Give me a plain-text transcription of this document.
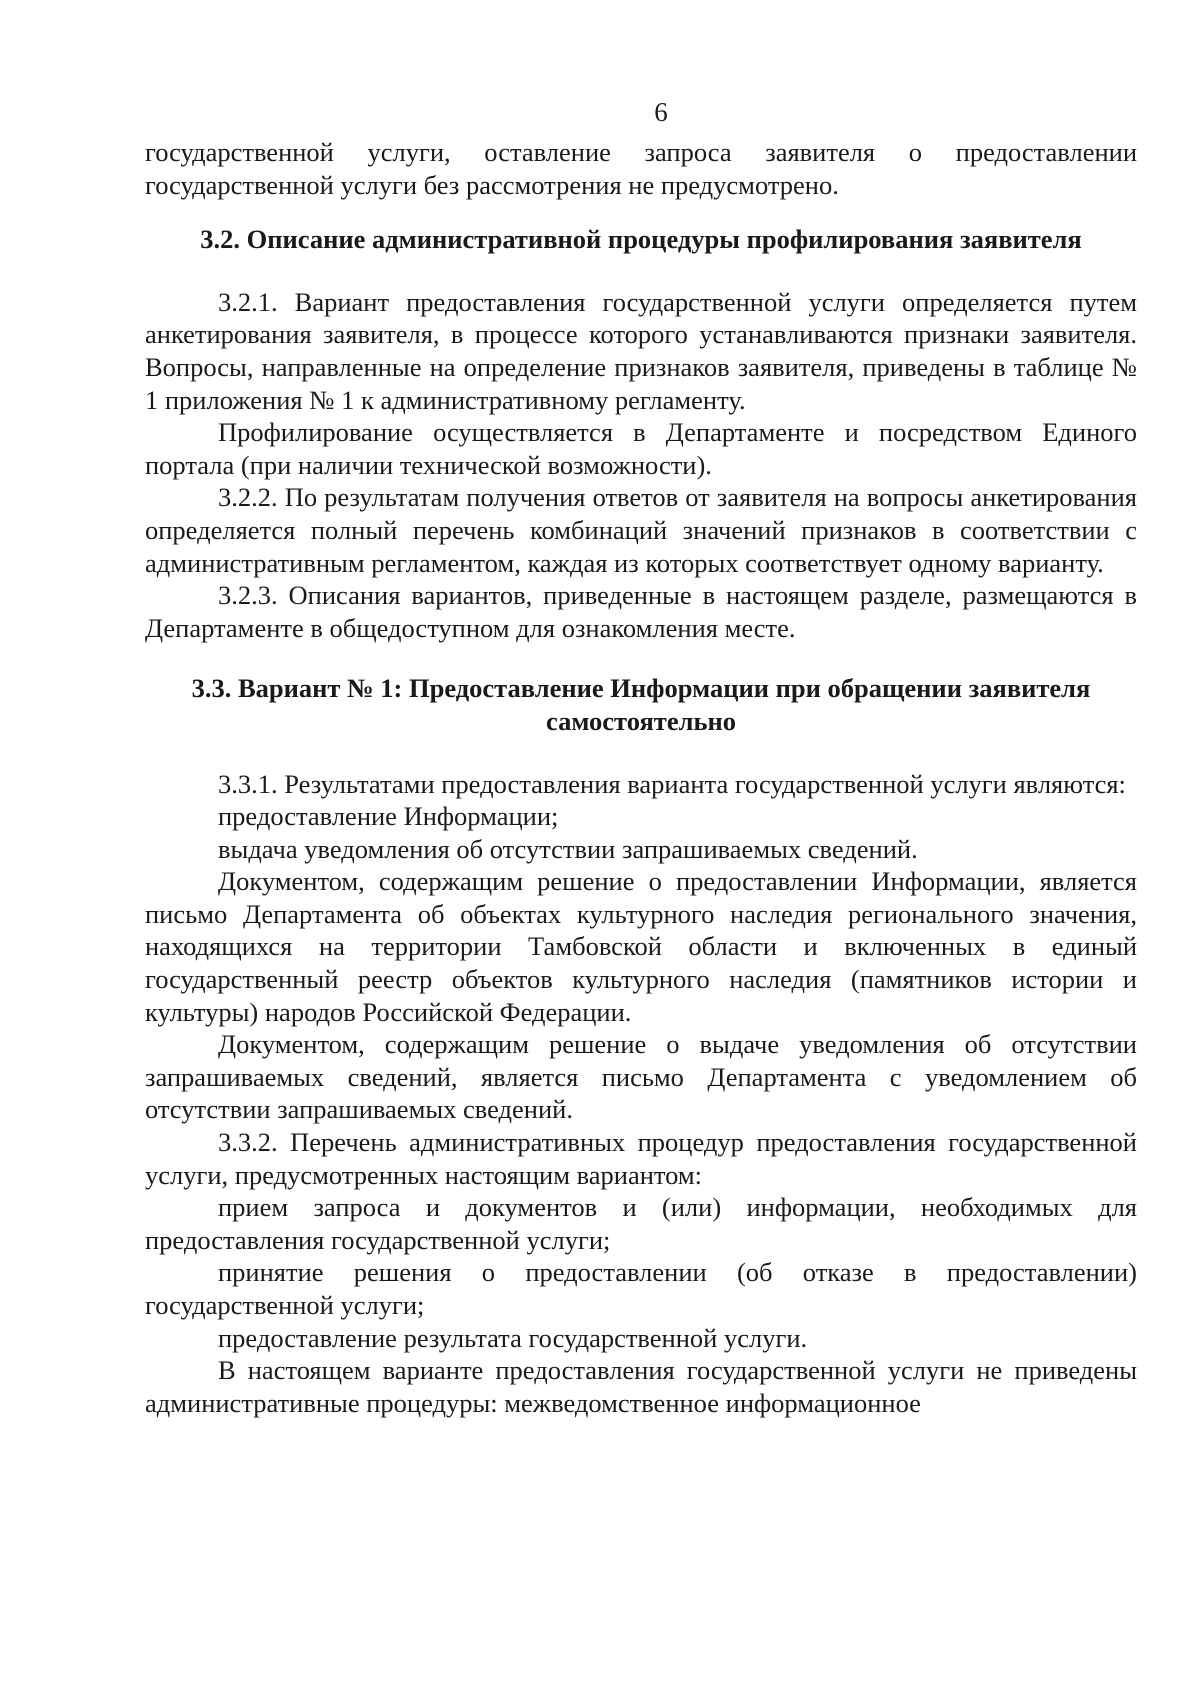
6

государственной услуги, оставление запроса заявителя о предоставлении государственной услуги без рассмотрения не предусмотрено.

3.2. Описание административной процедуры профилирования заявителя

3.2.1. Вариант предоставления государственной услуги определяется путем анкетирования заявителя, в процессе которого устанавливаются признаки заявителя. Вопросы, направленные на определение признаков заявителя, приведены в таблице № 1 приложения № 1 к административному регламенту.

Профилирование осуществляется в Департаменте и посредством Единого портала (при наличии технической возможности).

3.2.2. По результатам получения ответов от заявителя на вопросы анкетирования определяется полный перечень комбинаций значений признаков в соответствии с административным регламентом, каждая из которых соответствует одному варианту.

3.2.3. Описания вариантов, приведенные в настоящем разделе, размещаются в Департаменте в общедоступном для ознакомления месте.

3.3. Вариант № 1: Предоставление Информации при обращении заявителя самостоятельно

3.3.1. Результатами предоставления варианта государственной услуги являются:

предоставление Информации;

выдача уведомления об отсутствии запрашиваемых сведений.

Документом, содержащим решение о предоставлении Информации, является письмо Департамента об объектах культурного наследия регионального значения, находящихся на территории Тамбовской области и включенных в единый государственный реестр объектов культурного наследия (памятников истории и культуры) народов Российской Федерации.

Документом, содержащим решение о выдаче уведомления об отсутствии запрашиваемых сведений, является письмо Департамента с уведомлением об отсутствии запрашиваемых сведений.

3.3.2. Перечень административных процедур предоставления государственной услуги, предусмотренных настоящим вариантом:

прием запроса и документов и (или) информации, необходимых для предоставления государственной услуги;

принятие решения о предоставлении (об отказе в предоставлении) государственной услуги;

предоставление результата государственной услуги.

В настоящем варианте предоставления государственной услуги не приведены административные процедуры: межведомственное информационное
